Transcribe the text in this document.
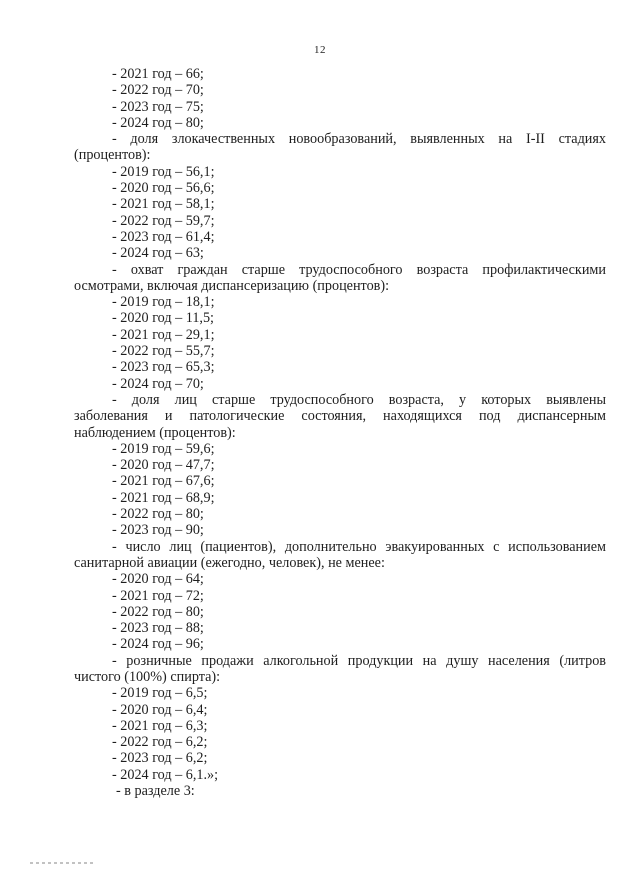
12
- 2021 год – 66;
- 2022 год – 70;
- 2023 год – 75;
- 2024 год – 80;
- доля злокачественных новообразований, выявленных на I-II стадиях
(процентов):
- 2019 год – 56,1;
- 2020 год – 56,6;
- 2021 год – 58,1;
- 2022 год – 59,7;
- 2023 год – 61,4;
- 2024 год – 63;
- охват граждан старше трудоспособного возраста профилактическими
осмотрами, включая диспансеризацию (процентов):
- 2019 год – 18,1;
- 2020 год – 11,5;
- 2021 год – 29,1;
- 2022 год – 55,7;
- 2023 год – 65,3;
- 2024 год – 70;
- доля лиц старше трудоспособного возраста, у которых выявлены
заболевания и патологические состояния, находящихся под диспансерным
наблюдением (процентов):
- 2019 год – 59,6;
- 2020 год – 47,7;
- 2021 год – 67,6;
- 2021 год – 68,9;
- 2022 год – 80;
- 2023 год – 90;
- число лиц (пациентов), дополнительно эвакуированных с использованием
санитарной авиации (ежегодно, человек), не менее:
- 2020 год – 64;
- 2021 год – 72;
- 2022 год – 80;
- 2023 год – 88;
- 2024 год – 96;
- розничные продажи алкогольной продукции на душу населения (литров
чистого (100%) спирта):
- 2019 год – 6,5;
- 2020 год – 6,4;
- 2021 год – 6,3;
- 2022 год – 6,2;
- 2023 год – 6,2;
- 2024 год – 6,1.»;
- в разделе 3:
